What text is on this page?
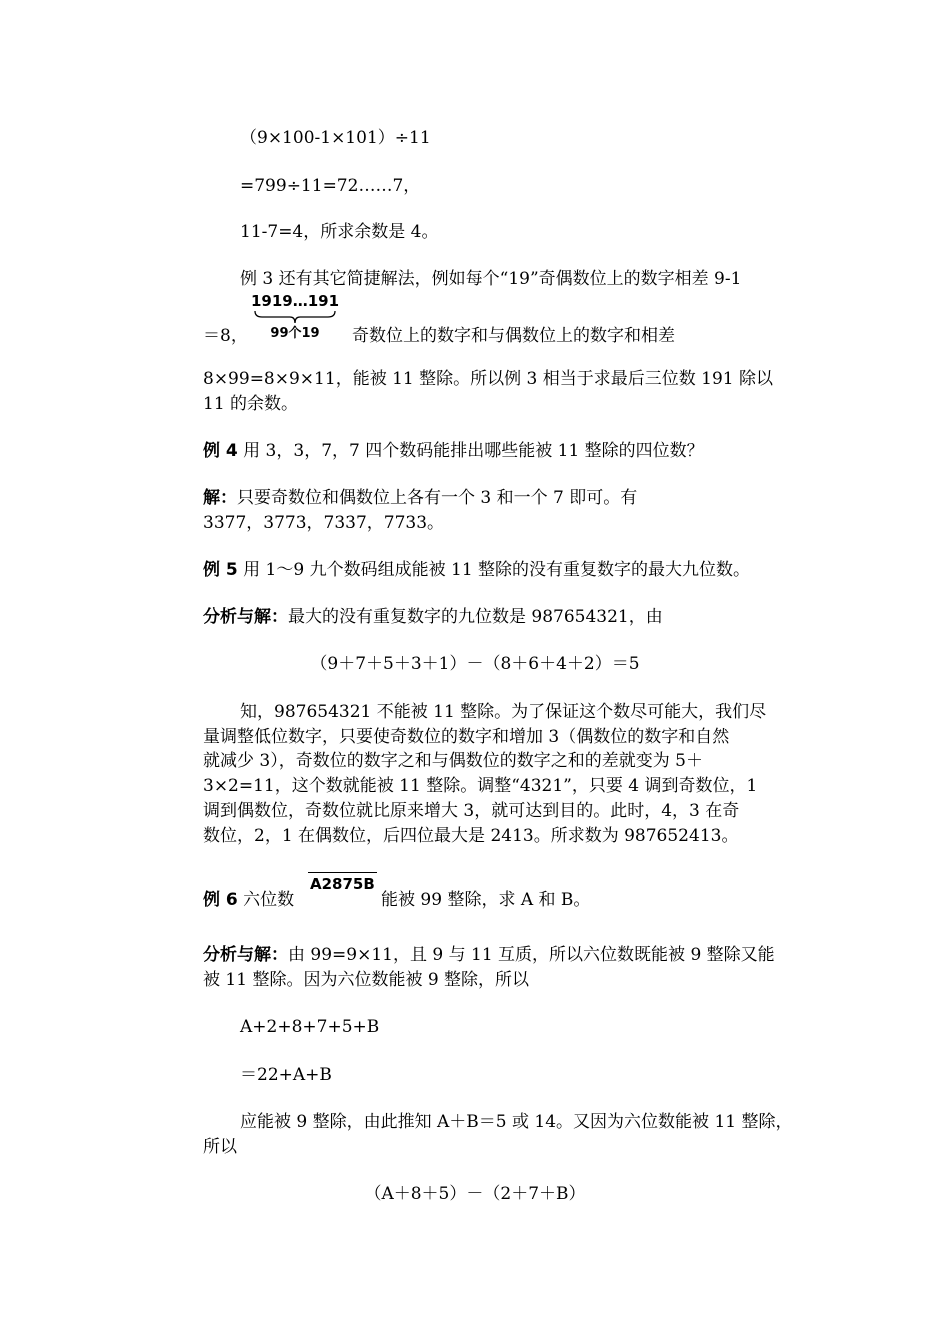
（9×100-1×101）÷11
=799÷11=72……7，
11-7=4，所求余数是 4。
例 3 还有其它简捷解法，例如每个“19”奇偶数位上的数字相差 9-1
1919…191
99个19
＝8，	奇数位上的数字和与偶数位上的数字和相差
8×99=8×9×11，能被 11 整除。所以例 3 相当于求最后三位数 191 除以
11 的余数。
例 4 用 3，3，7，7 四个数码能排出哪些能被 11 整除的四位数？
解：只要奇数位和偶数位上各有一个 3 和一个 7 即可。有
3377，3773，7337，7733。
例 5 用 1～9 九个数码组成能被 11 整除的没有重复数字的最大九位数。
分析与解：最大的没有重复数字的九位数是 987654321，由
（9＋7＋5＋3＋1）－（8＋6＋4＋2）＝5
知，987654321 不能被 11 整除。为了保证这个数尽可能大，我们尽
量调整低位数字，只要使奇数位的数字和增加 3（偶数位的数字和自然
就减少 3），奇数位的数字之和与偶数位的数字之和的差就变为 5＋
3×2=11，这个数就能被 11 整除。调整“4321”，只要 4 调到奇数位，1
调到偶数位，奇数位就比原来增大 3，就可达到目的。此时，4，3 在奇
数位，2，1 在偶数位，后四位最大是 2413。所求数为 987652413。
例 6 六位数
A2875B
能被 99 整除，求 A 和 B。
分析与解：由 99=9×11，且 9 与 11 互质，所以六位数既能被 9 整除又能
被 11 整除。因为六位数能被 9 整除，所以
A+2+8+7+5+B
＝22+A+B
应能被 9 整除，由此推知 A＋B＝5 或 14。又因为六位数能被 11 整除，
所以
（A＋8＋5）－（2＋7＋B）
